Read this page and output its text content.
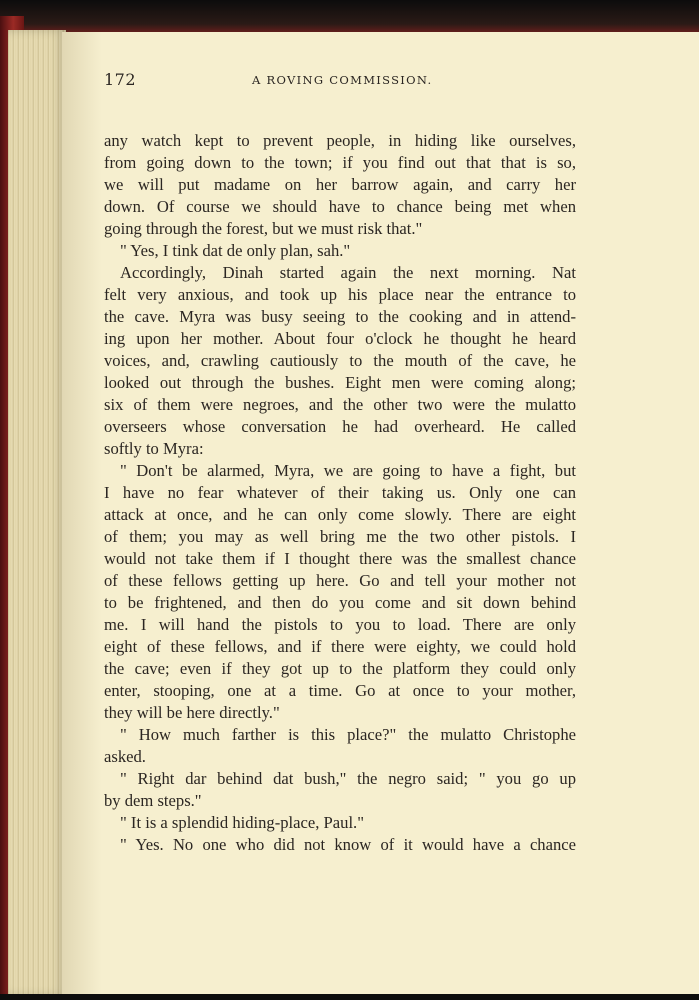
172	A ROVING COMMISSION.
any watch kept to prevent people, in hiding like ourselves,
from going down to the town; if you find out that that is so,
we will put madame on her barrow again, and carry her
down. Of course we should have to chance being met when
going through the forest, but we must risk that."
" Yes, I tink dat de only plan, sah."
Accordingly, Dinah started again the next morning. Nat
felt very anxious, and took up his place near the entrance to
the cave. Myra was busy seeing to the cooking and in attend-
ing upon her mother. About four o'clock he thought he heard
voices, and, crawling cautiously to the mouth of the cave, he
looked out through the bushes. Eight men were coming along;
six of them were negroes, and the other two were the mulatto
overseers whose conversation he had overheard. He called
softly to Myra:
" Don't be alarmed, Myra, we are going to have a fight, but
I have no fear whatever of their taking us. Only one can
attack at once, and he can only come slowly. There are eight
of them; you may as well bring me the two other pistols. I
would not take them if I thought there was the smallest chance
of these fellows getting up here. Go and tell your mother not
to be frightened, and then do you come and sit down behind
me. I will hand the pistols to you to load. There are only
eight of these fellows, and if there were eighty, we could hold
the cave; even if they got up to the platform they could only
enter, stooping, one at a time. Go at once to your mother,
they will be here directly."
" How much farther is this place?" the mulatto Christophe
asked.
" Right dar behind dat bush," the negro said; " you go up
by dem steps."
" It is a splendid hiding-place, Paul."
" Yes. No one who did not know of it would have a chance
